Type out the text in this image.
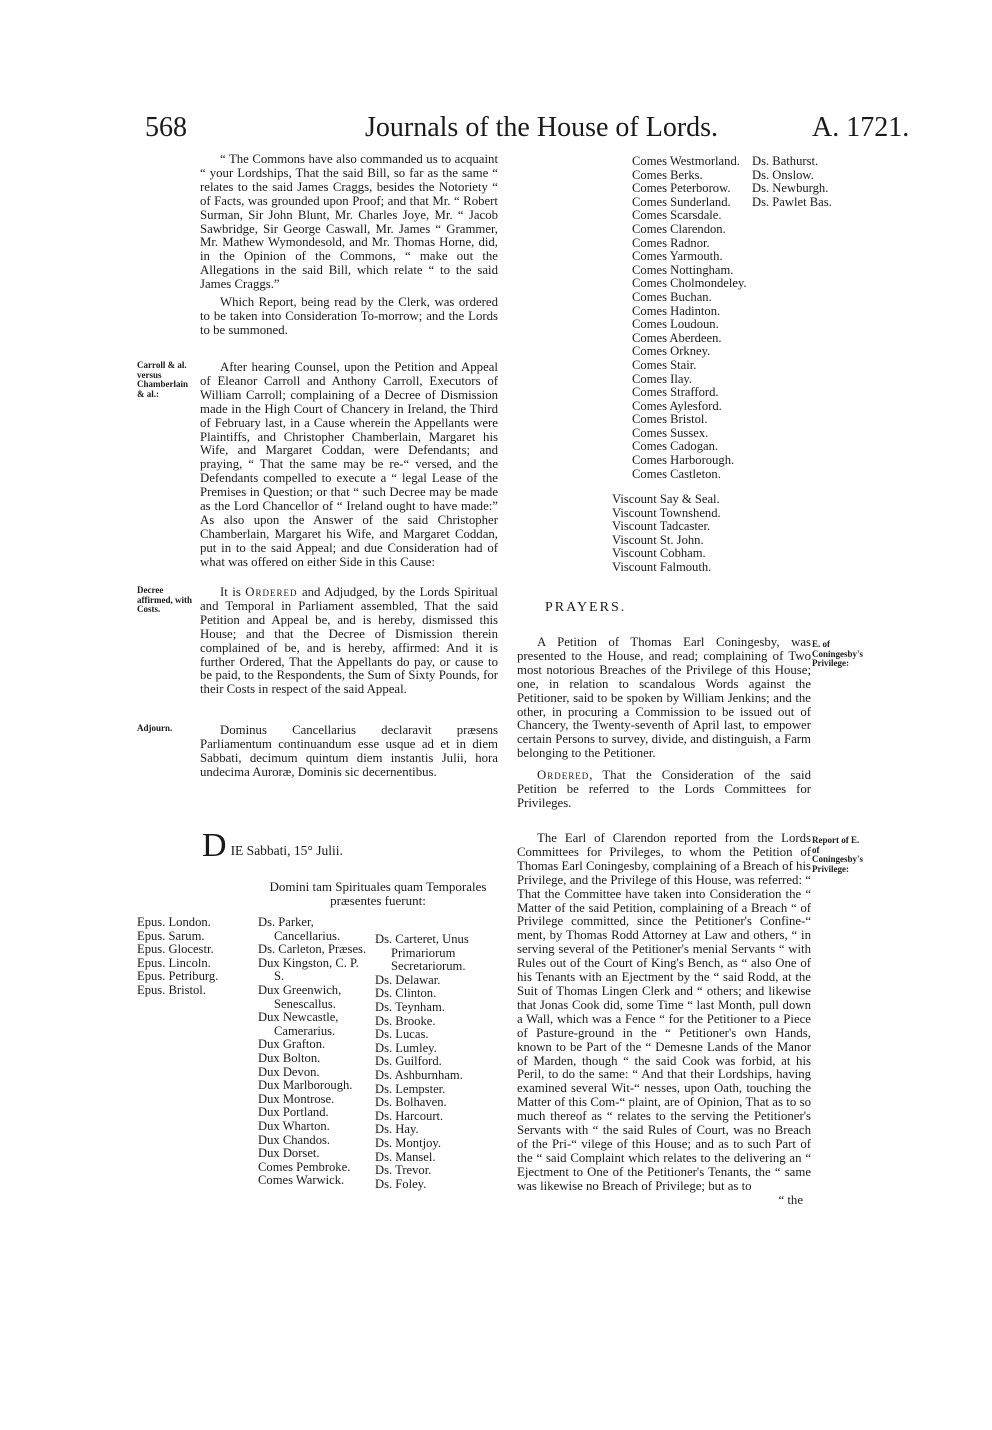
568	Journals of the House of Lords.	A. 1721.

“ The Commons have also commanded us to acquaint “ your Lordships, That the said Bill, so far as the same “ relates to the said James Craggs, besides the Notoriety “ of Facts, was grounded upon Proof; and that Mr. “ Robert Surman, Sir John Blunt, Mr. Charles Joye, Mr. “ Jacob Sawbridge, Sir George Caswall, Mr. James “ Grammer, Mr. Mathew Wymondesold, and Mr. Thomas Horne, did, in the Opinion of the Commons, “ make out the Allegations in the said Bill, which relate “ to the said James Craggs.”

Which Report, being read by the Clerk, was ordered to be taken into Consideration To-morrow; and the Lords to be summoned.

Carroll & al. versus Chamberlain & al.:

After hearing Counsel, upon the Petition and Appeal of Eleanor Carroll and Anthony Carroll, Executors of William Carroll; complaining of a Decree of Dismission made in the High Court of Chancery in Ireland, the Third of February last, in a Cause wherein the Appellants were Plaintiffs, and Christopher Chamberlain, Margaret his Wife, and Margaret Coddan, were Defendants; and praying, “ That the same may be re-“ versed, and the Defendants compelled to execute a “ legal Lease of the Premises in Question; or that “ such Decree may be made as the Lord Chancellor of “ Ireland ought to have made:” As also upon the Answer of the said Christopher Chamberlain, Margaret his Wife, and Margaret Coddan, put in to the said Appeal; and due Consideration had of what was offered on either Side in this Cause:

Decree affirmed, with Costs.

It is Ordered and Adjudged, by the Lords Spiritual and Temporal in Parliament assembled, That the said Petition and Appeal be, and is hereby, dismissed this House; and that the Decree of Dismission therein complained of be, and is hereby, affirmed: And it is further Ordered, That the Appellants do pay, or cause to be paid, to the Respondents, the Sum of Sixty Pounds, for their Costs in respect of the said Appeal.

Adjourn.	Dominus Cancellarius declaravit præsens Parliamentum continuandum esse usque ad et in diem Sabbati, decimum quintum diem instantis Julii, hora undecima Auroræ, Dominis sic decernentibus.

D $_{IE Sabbati, 15^\circ Julii.}$
Domini tam Spirituales quam Temporales præsentes fuerunt:
Epus. London.
Epus. Sarum.
Epus. Glocestr.
Epus. Lincoln.
Epus. Petriburg.
Epus. Bristol.
Ds. Parker, Cancellarius.
Ds. Carleton, Præses.
Dux Kingston, C. P. S.
Dux Greenwich, Senescallus.
Dux Newcastle, Camerarius.
Dux Grafton.
Dux Bolton.
Dux Devon.
Dux Marlborough.
Dux Montrose.
Dux Portland.
Dux Wharton.
Dux Chandos.
Dux Dorset.
Comes Pembroke.
Comes Warwick.
Ds. Carteret, Unus Primariorum Secretariorum.
Ds. Delawar.
Ds. Clinton.
Ds. Teynham.
Ds. Brooke.
Ds. Lucas.
Ds. Lumley.
Ds. Guilford.
Ds. Ashburnham.
Ds. Lempster.
Ds. Bolhaven.
Ds. Harcourt.
Ds. Hay.
Ds. Montjoy.
Ds. Mansel.
Ds. Trevor.
Ds. Foley.
Comes Westmorland.
Comes Berks.
Comes Peterborow.
Comes Sunderland.
Comes Scarsdale.
Comes Clarendon.
Comes Radnor.
Comes Yarmouth.
Comes Nottingham.
Comes Cholmondeley.
Comes Buchan.
Comes Hadinton.
Comes Loudoun.
Comes Aberdeen.
Comes Orkney.
Comes Stair.
Comes Ilay.
Comes Strafford.
Comes Aylesford.
Comes Bristol.
Comes Sussex.
Comes Cadogan.
Comes Harborough.
Comes Castleton.
Ds. Bathurst.
Ds. Onslow.
Ds. Newburgh.
Ds. Pawlet Bas.
Viscount Say & Seal.
Viscount Townshend.
Viscount Tadcaster.
Viscount St. John.
Viscount Cobham.
Viscount Falmouth.
PRAYERS.
E. of Coningesby's Privilege:

A Petition of Thomas Earl Coningesby, was presented to the House, and read; complaining of Two most notorious Breaches of the Privilege of this House; one, in relation to scandalous Words against the Petitioner, said to be spoken by William Jenkins; and the other, in procuring a Commission to be issued out of Chancery, the Twenty-seventh of April last, to empower certain Persons to survey, divide, and distinguish, a Farm belonging to the Petitioner.

Ordered, That the Consideration of the said Petition be referred to the Lords Committees for Privileges.

Report of E. of Coningesby's Privilege:

The Earl of Clarendon reported from the Lords Committees for Privileges, to whom the Petition of Thomas Earl Coningesby, complaining of a Breach of his Privilege, and the Privilege of this House, was referred: “ That the Committee have taken into Consideration the “ Matter of the said Petition, complaining of a Breach “ of Privilege committed, since the Petitioner's Confine-“ ment, by Thomas Rodd Attorney at Law and others, “ in serving several of the Petitioner's menial Servants “ with Rules out of the Court of King's Bench, as “ also One of his Tenants with an Ejectment by the “ said Rodd, at the Suit of Thomas Lingen Clerk and “ others; and likewise that Jonas Cook did, some Time “ last Month, pull down a Wall, which was a Fence “ for the Petitioner to a Piece of Pasture-ground in the “ Petitioner's own Hands, known to be Part of the “ Demesne Lands of the Manor of Marden, though “ the said Cook was forbid, at his Peril, to do the same: “ And that their Lordships, having examined several Wit-“ nesses, upon Oath, touching the Matter of this Com-“ plaint, are of Opinion, That as to so much thereof as “ relates to the serving the Petitioner's Servants with “ the said Rules of Court, was no Breach of the Pri-“ vilege of this House; and as to such Part of the “ said Complaint which relates to the delivering an “ Ejectment to One of the Petitioner's Tenants, the “ same was likewise no Breach of Privilege; but as to

“ the
